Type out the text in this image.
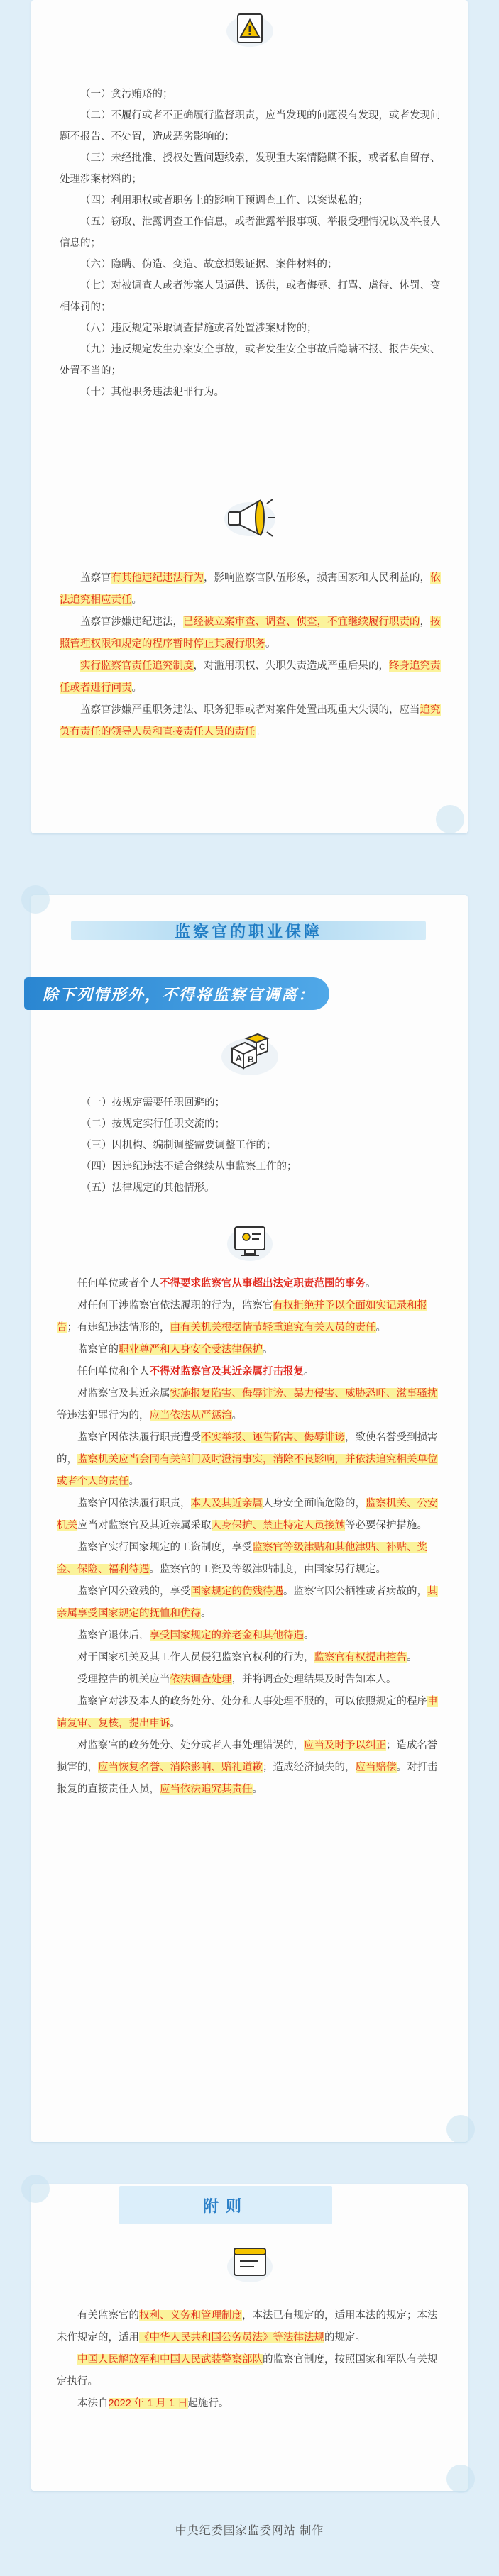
（一）贪污贿赂的；
（二）不履行或者不正确履行监督职责，应当发现的问题没有发现，或者发现问题不报告、不处置，造成恶劣影响的；
（三）未经批准、授权处置问题线索，发现重大案情隐瞒不报，或者私自留存、处理涉案材料的；
（四）利用职权或者职务上的影响干预调查工作、以案谋私的；
（五）窃取、泄露调查工作信息，或者泄露举报事项、举报受理情况以及举报人信息的；
（六）隐瞒、伪造、变造、故意损毁证据、案件材料的；
（七）对被调查人或者涉案人员逼供、诱供，或者侮辱、打骂、虐待、体罚、变相体罚的；
（八）违反规定采取调查措施或者处置涉案财物的；
（九）违反规定发生办案安全事故，或者发生安全事故后隐瞒不报、报告失实、处置不当的；
（十）其他职务违法犯罪行为。

监察官有其他违纪违法行为，影响监察官队伍形象，损害国家和人民利益的，依法追究相应责任。

监察官涉嫌违纪违法，已经被立案审查、调查、侦查，不宜继续履行职责的，按照管理权限和规定的程序暂时停止其履行职务。

实行监察官责任追究制度，对滥用职权、失职失责造成严重后果的，终身追究责任或者进行问责。

监察官涉嫌严重职务违法、职务犯罪或者对案件处置出现重大失误的，应当追究负有责任的领导人员和直接责任人员的责任。

监察官的职业保障
除下列情形外，不得将监察官调离：
A B
C
（一）按规定需要任职回避的；
（二）按规定实行任职交流的；
（三）因机构、编制调整需要调整工作的；
（四）因违纪违法不适合继续从事监察工作的；
（五）法律规定的其他情形。

任何单位或者个人不得要求监察官从事超出法定职责范围的事务。

对任何干涉监察官依法履职的行为，监察官有权拒绝并予以全面如实记录和报告；有违纪违法情形的，由有关机关根据情节轻重追究有关人员的责任。

监察官的职业尊严和人身安全受法律保护。

任何单位和个人不得对监察官及其近亲属打击报复。

对监察官及其近亲属实施报复陷害、侮辱诽谤、暴力侵害、威胁恐吓、滋事骚扰等违法犯罪行为的，应当依法从严惩治。

监察官因依法履行职责遭受不实举报、诬告陷害、侮辱诽谤，致使名誉受到损害的，监察机关应当会同有关部门及时澄清事实，消除不良影响，并依法追究相关单位或者个人的责任。

监察官因依法履行职责，本人及其近亲属人身安全面临危险的，监察机关、公安机关应当对监察官及其近亲属采取人身保护、禁止特定人员接触等必要保护措施。

监察官实行国家规定的工资制度，享受监察官等级津贴和其他津贴、补贴、奖金、保险、福利待遇。监察官的工资及等级津贴制度，由国家另行规定。

监察官因公致残的，享受国家规定的伤残待遇。监察官因公牺牲或者病故的，其亲属享受国家规定的抚恤和优待。

监察官退休后，享受国家规定的养老金和其他待遇。

对于国家机关及其工作人员侵犯监察官权利的行为，监察官有权提出控告。

受理控告的机关应当依法调查处理，并将调查处理结果及时告知本人。

监察官对涉及本人的政务处分、处分和人事处理不服的，可以依照规定的程序申请复审、复核，提出申诉。

对监察官的政务处分、处分或者人事处理错误的，应当及时予以纠正；造成名誉损害的，应当恢复名誉、消除影响、赔礼道歉；造成经济损失的，应当赔偿。对打击报复的直接责任人员，应当依法追究其责任。

附则

有关监察官的权利、义务和管理制度，本法已有规定的，适用本法的规定；本法未作规定的，适用《中华人民共和国公务员法》等法律法规的规定。

中国人民解放军和中国人民武装警察部队的监察官制度，按照国家和军队有关规定执行。

本法自2022 年 1 月 1 日起施行。

中央纪委国家监委网站 制作
